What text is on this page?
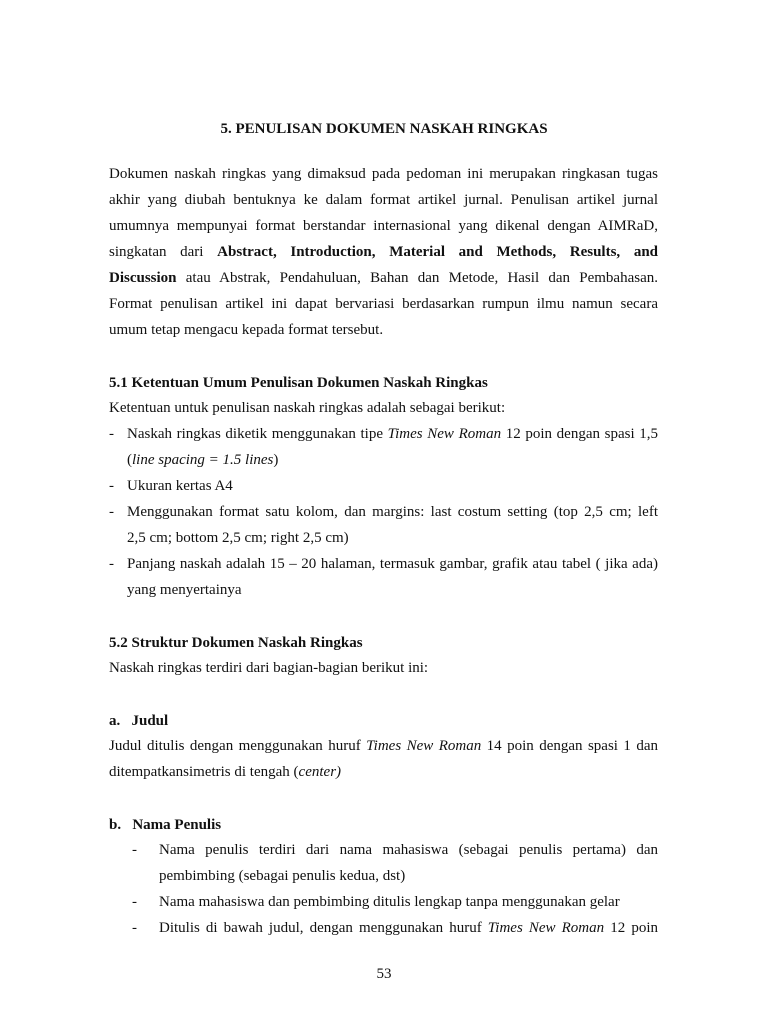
5. PENULISAN DOKUMEN NASKAH RINGKAS
Dokumen naskah ringkas yang dimaksud pada pedoman ini merupakan ringkasan tugas
akhir yang diubah bentuknya ke dalam format artikel jurnal. Penulisan artikel jurnal
umumnya mempunyai format berstandar internasional yang dikenal dengan AIMRaD,
singkatan dari Abstract, Introduction, Material and Methods, Results, and
Discussion atau Abstrak, Pendahuluan, Bahan dan Metode, Hasil dan Pembahasan.
Format penulisan artikel ini dapat bervariasi berdasarkan rumpun ilmu namun secara
umum tetap mengacu kepada format tersebut.
5.1 Ketentuan Umum Penulisan Dokumen Naskah Ringkas
Ketentuan untuk penulisan naskah ringkas adalah sebagai berikut:
- Naskah ringkas diketik menggunakan tipe Times New Roman 12 poin dengan spasi 1,5
(line spacing = 1.5 lines)
- Ukuran kertas A4
- Menggunakan format satu kolom, dan margins: last costum setting (top 2,5 cm; left
2,5 cm; bottom 2,5 cm; right 2,5 cm)
- Panjang naskah adalah 15 – 20 halaman, termasuk gambar, grafik atau tabel ( jika ada)
yang menyertainya
5.2 Struktur Dokumen Naskah Ringkas
Naskah ringkas terdiri dari bagian-bagian berikut ini:
a.   Judul
Judul ditulis dengan menggunakan huruf Times New Roman 14 poin dengan spasi 1 dan
ditempatkansimetris di tengah (center)
b.   Nama Penulis
- Nama penulis terdiri dari nama mahasiswa (sebagai penulis pertama) dan
pembimbing (sebagai penulis kedua, dst)
- Nama mahasiswa dan pembimbing ditulis lengkap tanpa menggunakan gelar
- Ditulis di bawah judul, dengan menggunakan huruf Times New Roman 12 poin
53
